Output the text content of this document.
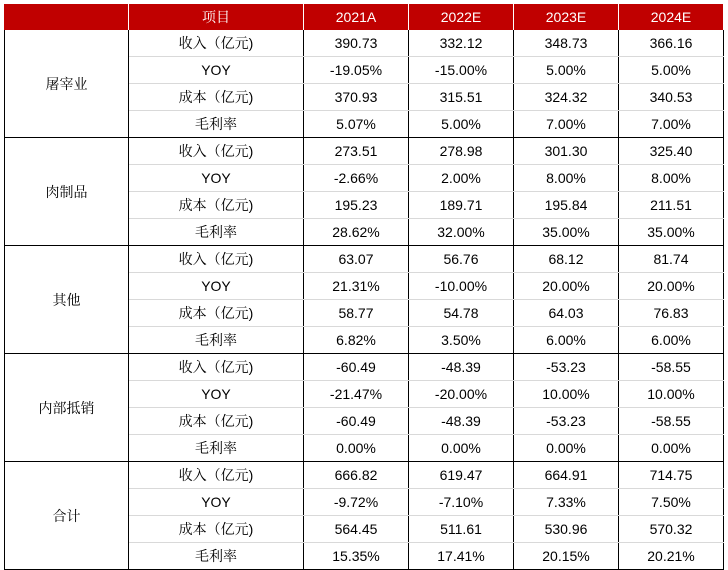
	项目	2021A	2022E	2023E	2024E
屠宰业	收入（亿元)	390.73	332.12	348.73	366.16
	YOY	-19.05%	-15.00%	5.00%	5.00%
	成本（亿元)	370.93	315.51	324.32	340.53
	毛利率	5.07%	5.00%	7.00%	7.00%
肉制品	收入（亿元)	273.51	278.98	301.30	325.40
	YOY	-2.66%	2.00%	8.00%	8.00%
	成本（亿元)	195.23	189.71	195.84	211.51
	毛利率	28.62%	32.00%	35.00%	35.00%
其他	收入（亿元)	63.07	56.76	68.12	81.74
	YOY	21.31%	-10.00%	20.00%	20.00%
	成本（亿元)	58.77	54.78	64.03	76.83
	毛利率	6.82%	3.50%	6.00%	6.00%
内部抵销	收入（亿元)	-60.49	-48.39	-53.23	-58.55
	YOY	-21.47%	-20.00%	10.00%	10.00%
	成本（亿元)	-60.49	-48.39	-53.23	-58.55
	毛利率	0.00%	0.00%	0.00%	0.00%
合计	收入（亿元)	666.82	619.47	664.91	714.75
	YOY	-9.72%	-7.10%	7.33%	7.50%
	成本（亿元)	564.45	511.61	530.96	570.32
	毛利率	15.35%	17.41%	20.15%	20.21%
